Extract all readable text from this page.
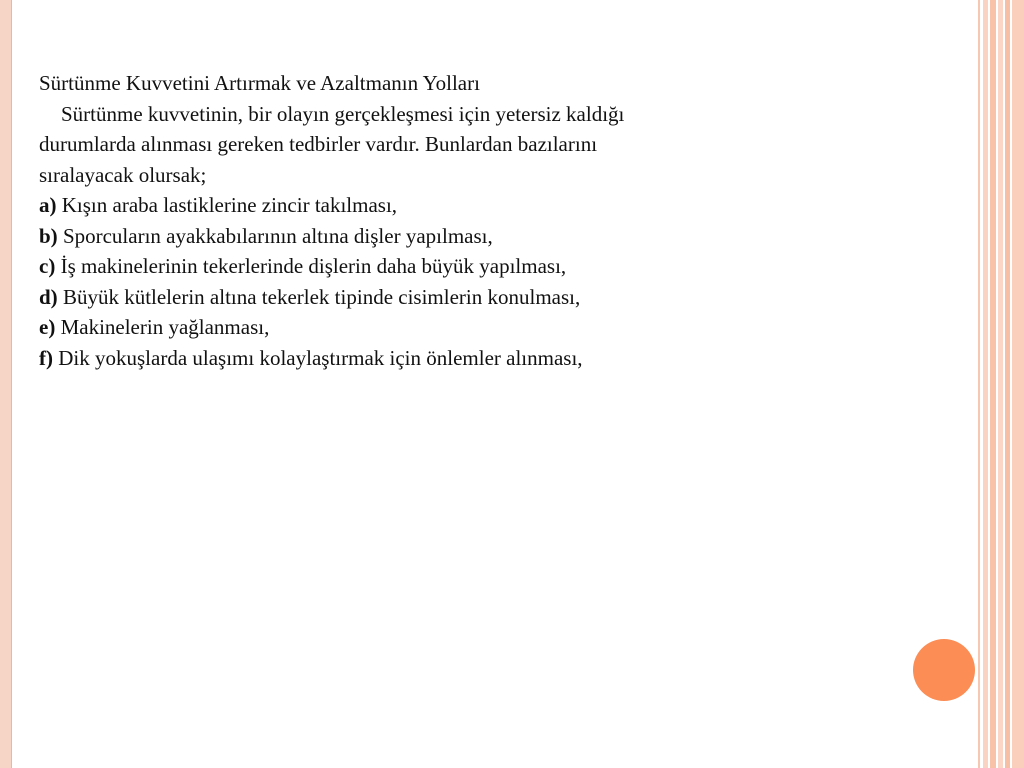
Sürtünme Kuvvetini Artırmak ve Azaltmanın Yolları

Sürtünme kuvvetinin, bir olayın gerçekleşmesi için yetersiz kaldığı

durumlarda alınması gereken tedbirler vardır. Bunlardan bazılarını

sıralayacak olursak;

a) Kışın araba lastiklerine zincir takılması,

b) Sporcuların ayakkabılarının altına dişler yapılması,

c) İş makinelerinin tekerlerinde dişlerin daha büyük yapılması,

d) Büyük kütlelerin altına tekerlek tipinde cisimlerin konulması,

e) Makinelerin yağlanması,

f) Dik yokuşlarda ulaşımı kolaylaştırmak için önlemler alınması,
